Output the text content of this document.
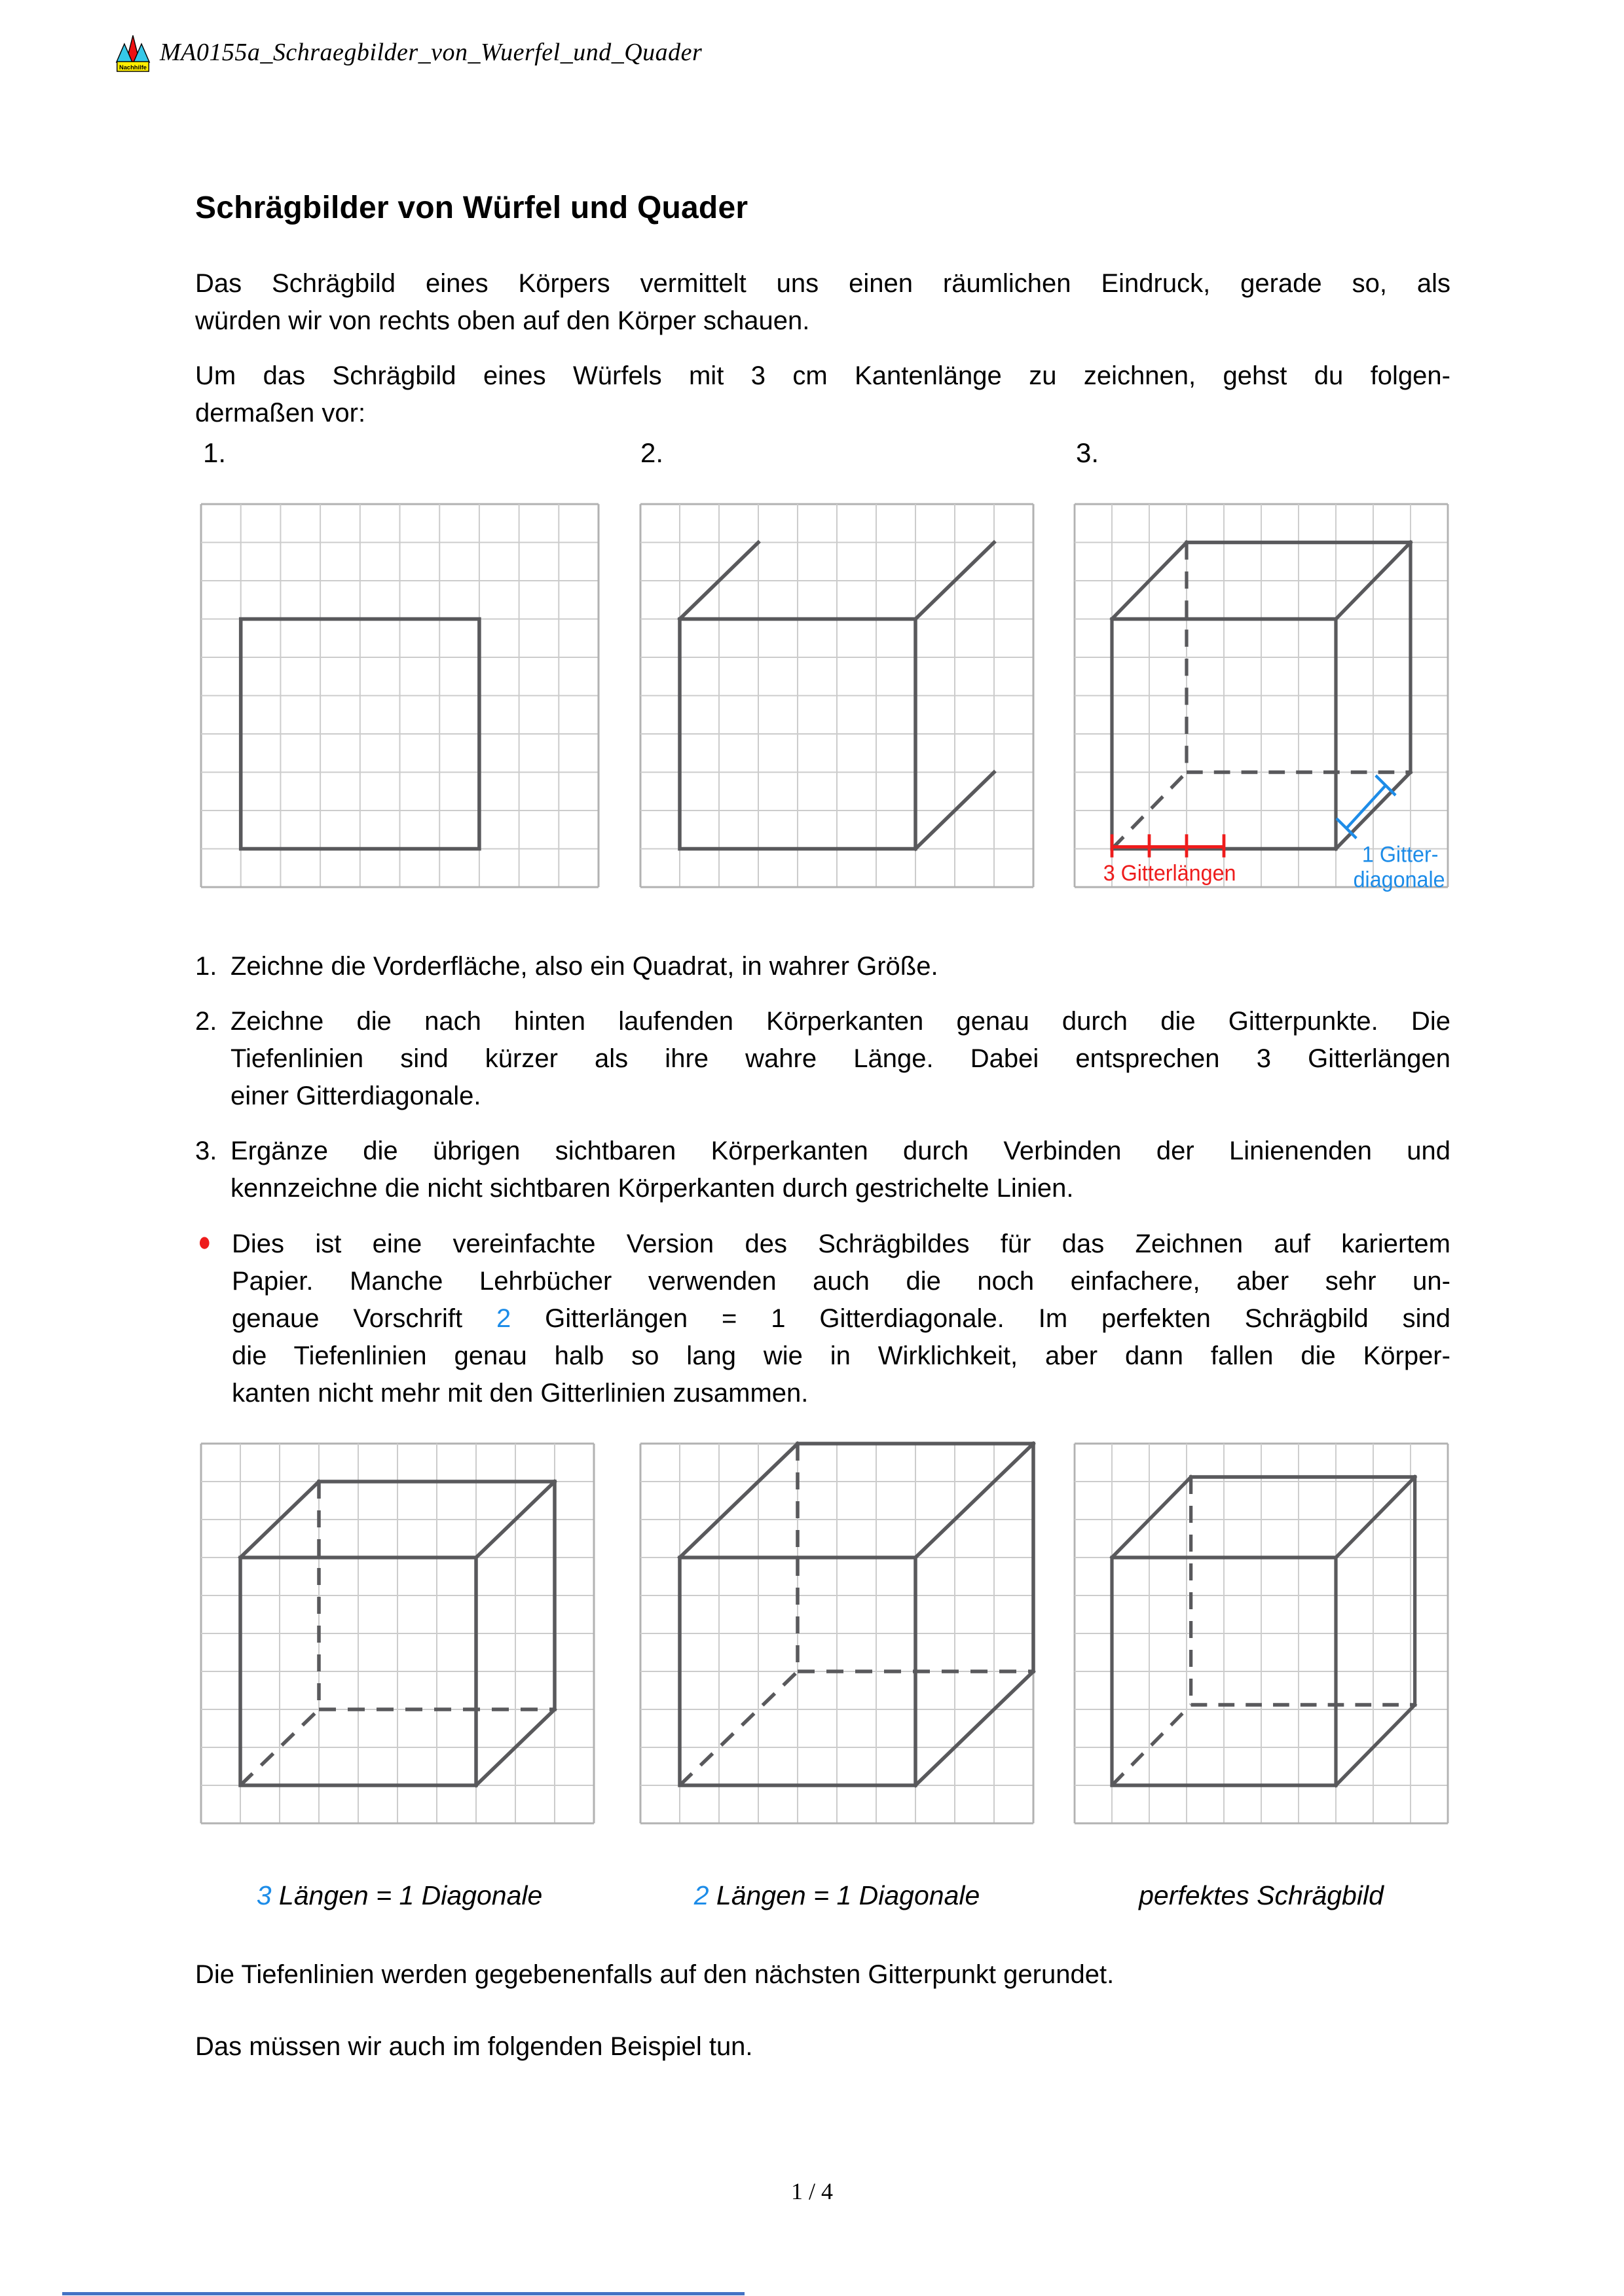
Nachhilfe
MA0155a_Schraegbilder_von_Wuerfel_und_Quader
Schrägbilder von Würfel und Quader
Das Schrägbild eines Körpers vermittelt uns einen räumlichen Eindruck, gerade so, als
würden wir von rechts oben auf den Körper schauen.
Um das Schrägbild eines Würfels mit 3 cm Kantenlänge zu zeichnen, gehst du folgen-
dermaßen vor:
1.	2.	3.
3 Gitterlängen
1 Gitter-
diagonale
1. Zeichne die Vorderfläche, also ein Quadrat, in wahrer Größe.
2. Zeichne die nach hinten laufenden Körperkanten genau durch die Gitterpunkte. Die
Tiefenlinien sind kürzer als ihre wahre Länge. Dabei entsprechen 3 Gitterlängen
einer Gitterdiagonale.
3. Ergänze die übrigen sichtbaren Körperkanten durch Verbinden der Linienenden und
kennzeichne die nicht sichtbaren Körperkanten durch gestrichelte Linien.
● Dies ist eine vereinfachte Version des Schrägbildes für das Zeichnen auf kariertem
Papier. Manche Lehrbücher verwenden auch die noch einfachere, aber sehr un-
genaue Vorschrift 2 Gitterlängen = 1 Gitterdiagonale. Im perfekten Schrägbild sind
die Tiefenlinien genau halb so lang wie in Wirklichkeit, aber dann fallen die Körper-
kanten nicht mehr mit den Gitterlinien zusammen.
3 Längen = 1 Diagonale	2 Längen = 1 Diagonale	perfektes Schrägbild
Die Tiefenlinien werden gegebenenfalls auf den nächsten Gitterpunkt gerundet.
Das müssen wir auch im folgenden Beispiel tun.
1 / 4
